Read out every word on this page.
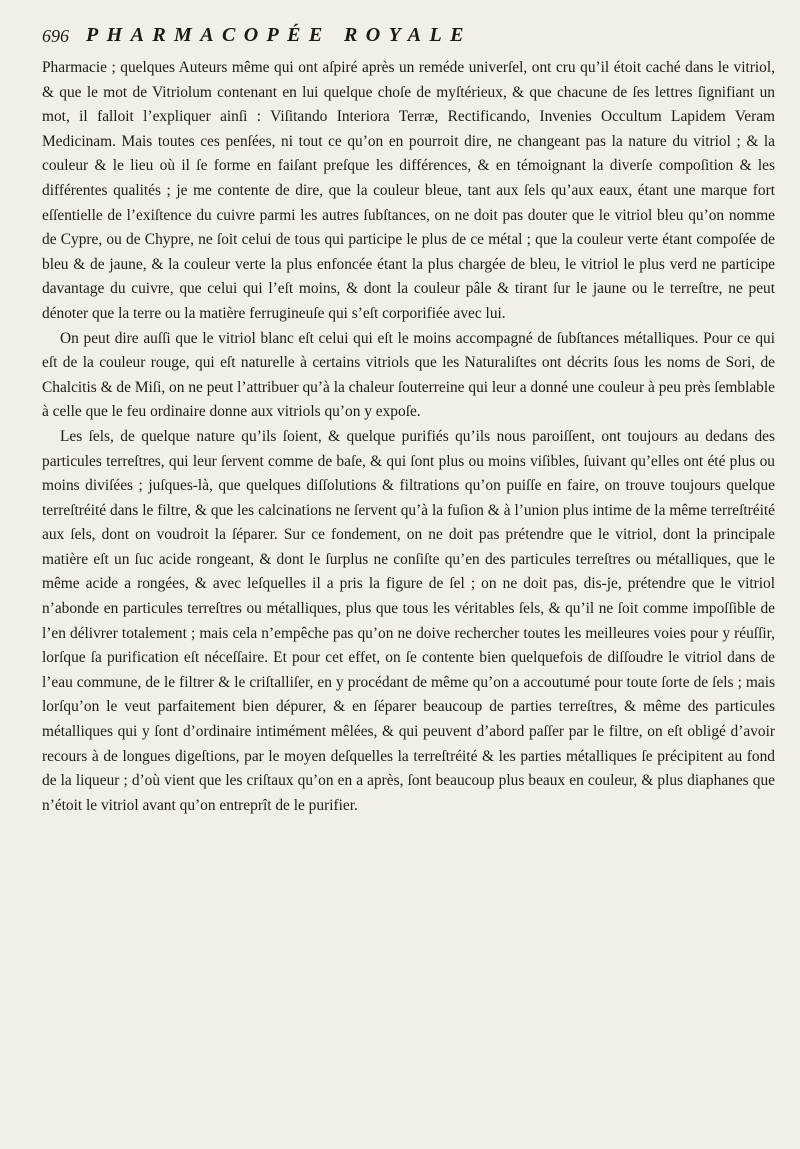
696 PHARMACOPÉE ROYALE

Pharmacie ; quelques Auteurs même qui ont aſpiré après un reméde univerſel, ont cru qu’il étoit caché dans le vitriol, & que le mot de Vitriolum contenant en lui quelque choſe de myſtérieux, & que chacune de ſes lettres ſignifiant un mot, il falloit l’expliquer ainſi : Viſitando Interiora Terræ, Rectificando, Invenies Occultum Lapidem Veram Medicinam. Mais toutes ces penſées, ni tout ce qu’on en pourroit dire, ne changeant pas la nature du vitriol ; & la couleur & le lieu où il ſe forme en faiſant preſque les différences, & en témoignant la diverſe compoſition & les différentes qualités ; je me contente de dire, que la couleur bleue, tant aux ſels qu’aux eaux, étant une marque fort eſſentielle de l’exiſtence du cuivre parmi les autres ſubſtances, on ne doit pas douter que le vitriol bleu qu’on nomme de Cypre, ou de Chypre, ne ſoit celui de tous qui participe le plus de ce métal ; que la couleur verte étant compoſée de bleu & de jaune, & la couleur verte la plus enfoncée étant la plus chargée de bleu, le vitriol le plus verd ne participe davantage du cuivre, que celui qui l’eſt moins, & dont la couleur pâle & tirant ſur le jaune ou le terreſtre, ne peut dénoter que la terre ou la matière ferrugineuſe qui s’eſt corporifiée avec lui.

On peut dire auſſi que le vitriol blanc eſt celui qui eſt le moins accompagné de ſubſtances métalliques. Pour ce qui eſt de la couleur rouge, qui eſt naturelle à certains vitriols que les Naturaliſtes ont décrits ſous les noms de Sori, de Chalcitis & de Miſi, on ne peut l’attribuer qu’à la chaleur ſouterreine qui leur a donné une couleur à peu près ſemblable à celle que le feu ordinaire donne aux vitriols qu’on y expoſe.

Les ſels, de quelque nature qu’ils ſoient, & quelque purifiés qu’ils nous paroiſſent, ont toujours au dedans des particules terreſtres, qui leur ſervent comme de baſe, & qui ſont plus ou moins viſibles, ſuivant qu’elles ont été plus ou moins diviſées ; juſques-là, que quelques diſſolutions & filtrations qu’on puiſſe en faire, on trouve toujours quelque terreſtréité dans le filtre, & que les calcinations ne ſervent qu’à la fuſion & à l’union plus intime de la même terreſtréité aux ſels, dont on voudroit la ſéparer. Sur ce fondement, on ne doit pas prétendre que le vitriol, dont la principale matière eſt un ſuc acide rongeant, & dont le ſurplus ne conſiſte qu’en des particules terreſtres ou métalliques, que le même acide a rongées, & avec leſquelles il a pris la figure de ſel ; on ne doit pas, dis-je, prétendre que le vitriol n’abonde en particules terreſtres ou métalliques, plus que tous les véritables ſels, & qu’il ne ſoit comme impoſſible de l’en délivrer totalement ; mais cela n’empêche pas qu’on ne doive rechercher toutes les meilleures voies pour y réuſſir, lorſque ſa purification eſt néceſſaire. Et pour cet effet, on ſe contente bien quelquefois de diſſoudre le vitriol dans de l’eau commune, de le filtrer & le criſtalliſer, en y procédant de même qu’on a accoutumé pour toute ſorte de ſels ; mais lorſqu’on le veut parfaitement bien dépurer, & en ſéparer beaucoup de parties terreſtres, & même des particules métalliques qui y ſont d’ordinaire intimément mêlées, & qui peuvent d’abord paſſer par le filtre, on eſt obligé d’avoir recours à de longues digeſtions, par le moyen deſquelles la terreſtréité & les parties métalliques ſe précipitent au fond de la liqueur ; d’où vient que les criſtaux qu’on en a après, ſont beaucoup plus beaux en couleur, & plus diaphanes que n’étoit le vitriol avant qu’on entreprît de le purifier.
